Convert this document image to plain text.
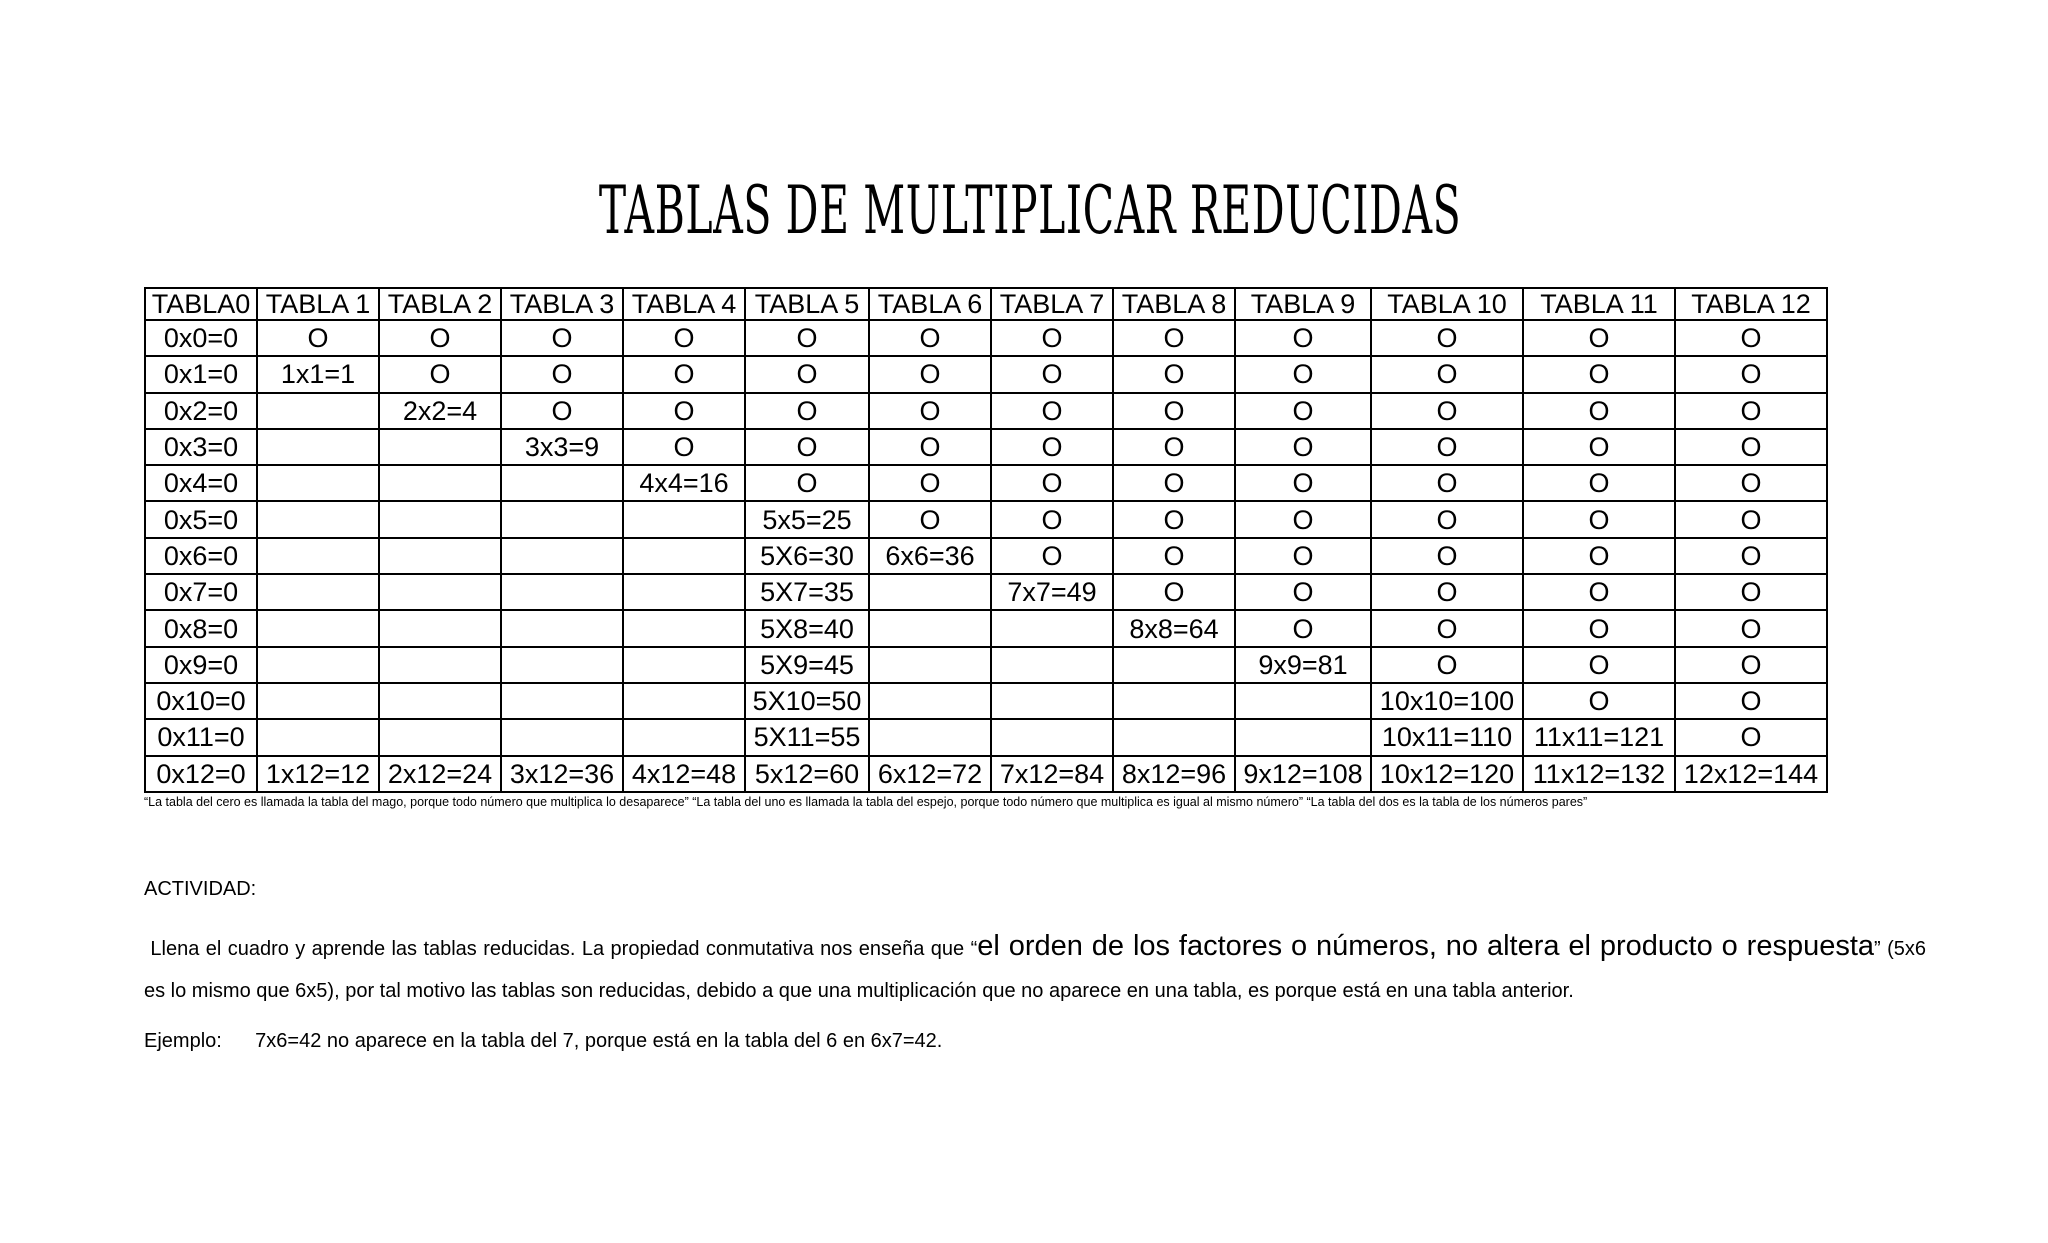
TABLAS DE MULTIPLICAR REDUCIDAS
TABLA0	TABLA 1	TABLA 2	TABLA 3	TABLA 4	TABLA 5	TABLA 6	TABLA 7	TABLA 8	TABLA 9	TABLA 10	TABLA 11	TABLA 12
0x0=0	O	O	O	O	O	O	O	O	O	O	O	O
0x1=0	1x1=1	O	O	O	O	O	O	O	O	O	O	O
0x2=0		2x2=4	O	O	O	O	O	O	O	O	O	O
0x3=0			3x3=9	O	O	O	O	O	O	O	O	O
0x4=0				4x4=16	O	O	O	O	O	O	O	O
0x5=0					5x5=25	O	O	O	O	O	O	O
0x6=0					5X6=30	6x6=36	O	O	O	O	O	O
0x7=0					5X7=35		7x7=49	O	O	O	O	O
0x8=0					5X8=40			8x8=64	O	O	O	O
0x9=0					5X9=45				9x9=81	O	O	O
0x10=0					5X10=50					10x10=100	O	O
0x11=0					5X11=55					10x11=110	11x11=121	O
0x12=0	1x12=12	2x12=24	3x12=36	4x12=48	5x12=60	6x12=72	7x12=84	8x12=96	9x12=108	10x12=120	11x12=132	12x12=144
“La tabla del cero es llamada la tabla del mago, porque todo número que multiplica lo desaparece” “La tabla del uno es llamada la tabla del espejo, porque todo número que multiplica es igual al mismo número” “La tabla del dos es la tabla de los números pares”
ACTIVIDAD:
Llena el cuadro y aprende las tablas reducidas. La propiedad conmutativa nos enseña que “el orden de los factores o números, no altera el producto o respuesta” (5x6 es lo mismo que 6x5), por tal motivo las tablas son reducidas, debido a que una multiplicación que no aparece en una tabla, es porque está en una tabla anterior.
Ejemplo: 7x6=42 no aparece en la tabla del 7, porque está en la tabla del 6 en 6x7=42.
